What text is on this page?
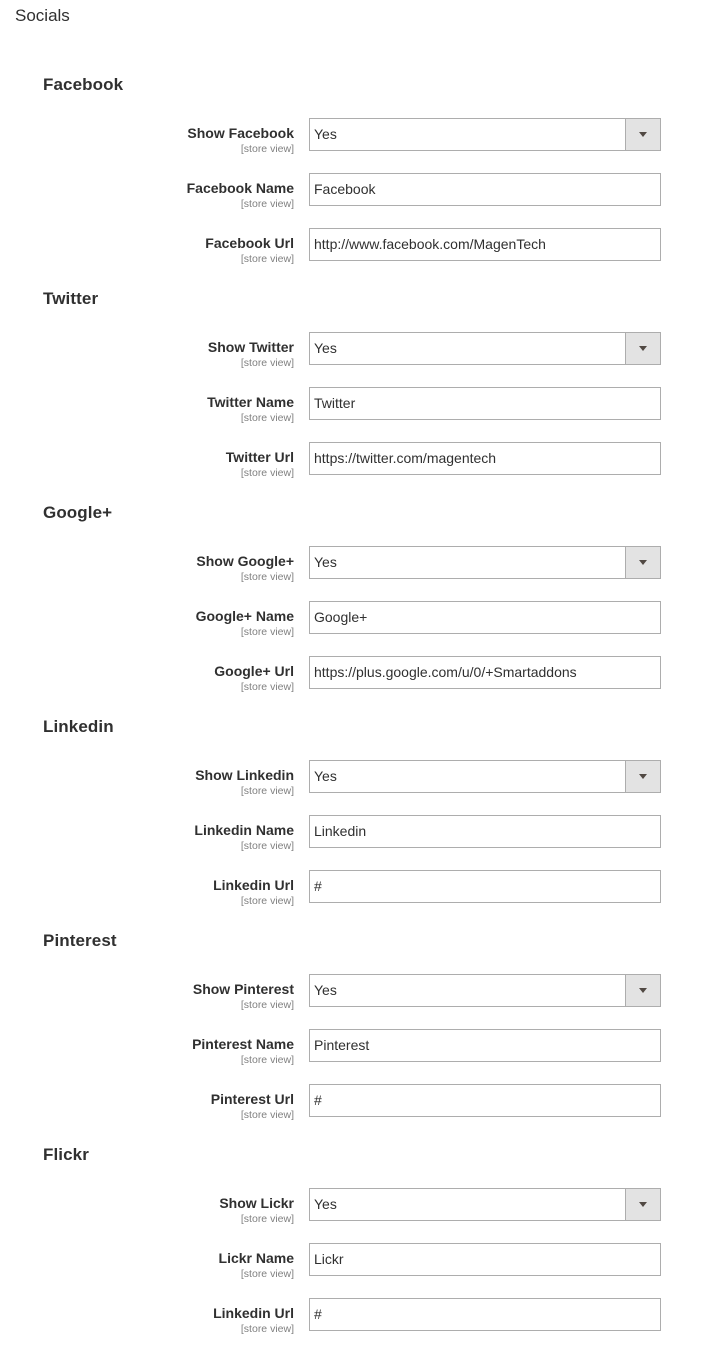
Socials
Facebook
Show Facebook
[store view]
Yes
Facebook Name
[store view]
Facebook
Facebook Url
[store view]
http://www.facebook.com/MagenTech
Twitter
Show Twitter
[store view]
Yes
Twitter Name
[store view]
Twitter
Twitter Url
[store view]
https://twitter.com/magentech
Google+
Show Google+
[store view]
Yes
Google+ Name
[store view]
Google+
Google+ Url
[store view]
https://plus.google.com/u/0/+Smartaddons
Linkedin
Show Linkedin
[store view]
Yes
Linkedin Name
[store view]
Linkedin
Linkedin Url
[store view]
#
Pinterest
Show Pinterest
[store view]
Yes
Pinterest Name
[store view]
Pinterest
Pinterest Url
[store view]
#
Flickr
Show Lickr
[store view]
Yes
Lickr Name
[store view]
Lickr
Linkedin Url
[store view]
#
